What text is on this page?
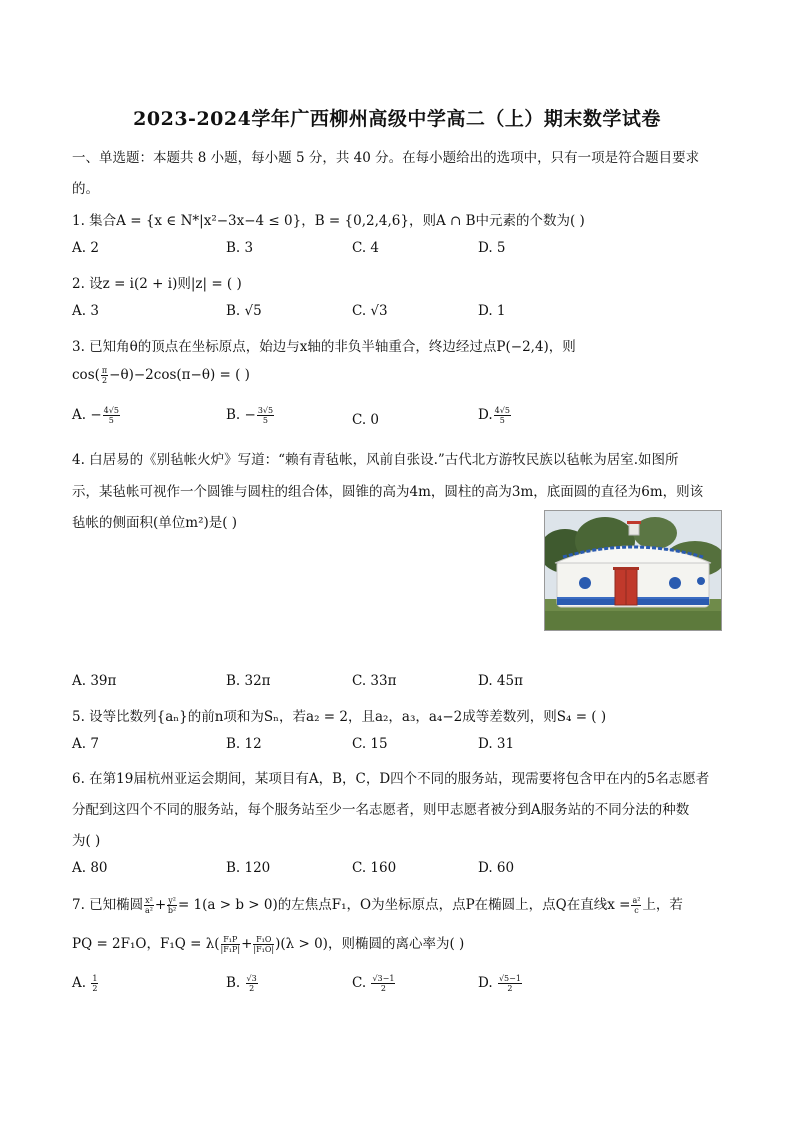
2023-2024学年广西柳州高级中学高二（上）期末数学试卷
一、单选题：本题共 8 小题，每小题 5 分，共 40 分。在每小题给出的选项中，只有一项是符合题目要求
的。
1. 集合A = {x ∈ N*|x²−3x−4 ≤ 0}，B = {0,2,4,6}，则A ∩ B中元素的个数为( )
A. 2	B. 3	C. 4	D. 5
2. 设z = i(2 + i)则|z| = ( )
A. 3	B. √5	C. √3	D. 1
3. 已知角θ的顶点在坐标原点，始边与x轴的非负半轴重合，终边经过点P(−2,4)，则
$\cos( \frac{\pi}{2} -\theta)-2\cos(\pi-\theta)$ = ( )
A. − $\frac{4√5}{5}$	B. − $\frac{3√5}{5}$	C. 0	D. $\frac{4√5}{5}$
4. 白居易的《别毡帐火炉》写道：“赖有青毡帐，风前自张设.”古代北方游牧民族以毡帐为居室.如图所
示，某毡帐可视作一个圆锥与圆柱的组合体，圆锥的高为4m，圆柱的高为3m，底面圆的直径为6m，则该
毡帐的侧面积(单位m²)是( )
A. 39π	B. 32π	C. 33π	D. 45π
5. 设等比数列{aₙ}的前n项和为Sₙ，若a₂ = 2，且a₂，a₃，a₄−2成等差数列，则S₄ = ( )
A. 7	B. 12	C. 15	D. 31
6. 在第19届杭州亚运会期间，某项目有A，B，C，D四个不同的服务站，现需要将包含甲在内的5名志愿者
分配到这四个不同的服务站，每个服务站至少一名志愿者，则甲志愿者被分到A服务站的不同分法的种数
为( )
A. 80	B. 120	C. 160	D. 60
7. 已知椭圆 $\frac{\text{x²}}{\text{a²}} + \frac{\text{y²}}{\text{b²}} = 1(a > b > 0)$的左焦点F₁，O为坐标原点，点P在椭圆上，点Q在直线$x = \frac{\text{a²}}{c}$ 上，若
PQ = 2F₁O，$F_1Q = \lambda( \frac{\text{F₁P}}{\text{|F₁P|}} + \frac{\text{F₁O}}{\text{|F₁O|}} )(\lambda > 0)$，则椭圆的离心率为( )
A. $\frac{1}{2}$	B. $\frac{√3}{2}$	C. $\frac{√3-1}{2}$	D. $\frac{√5-1}{2}$
